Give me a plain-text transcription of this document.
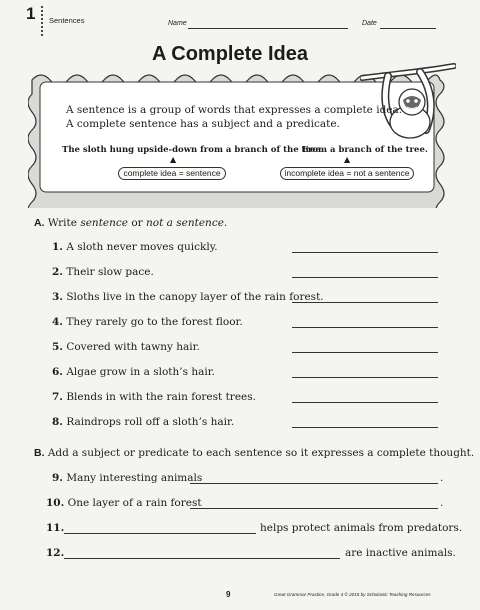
1 Sentences	Name	Date
A Complete Idea
A sentence is a group of words that expresses a complete idea.
A complete sentence has a subject and a predicate.
The sloth hung upside-down from a branch of the tree.
From a branch of the tree.
▲	▲
complete idea = sentence	incomplete idea = not a sentence
A. Write sentence or not a sentence.
1. A sloth never moves quickly.
2. Their slow pace.
3. Sloths live in the canopy layer of the rain forest.
4. They rarely go to the forest floor.
5. Covered with tawny hair.
6. Algae grow in a sloth’s hair.
7. Blends in with the rain forest trees.
8. Raindrops roll off a sloth’s hair.
B. Add a subject or predicate to each sentence so it expresses a complete thought.
9. Many interesting animals	.
10. One layer of a rain forest	.
11.	helps protect animals from predators.
12.	are inactive animals.
9	Great Grammar Practice, Grade 4 © 2015 by Scholastic Teaching Resources
